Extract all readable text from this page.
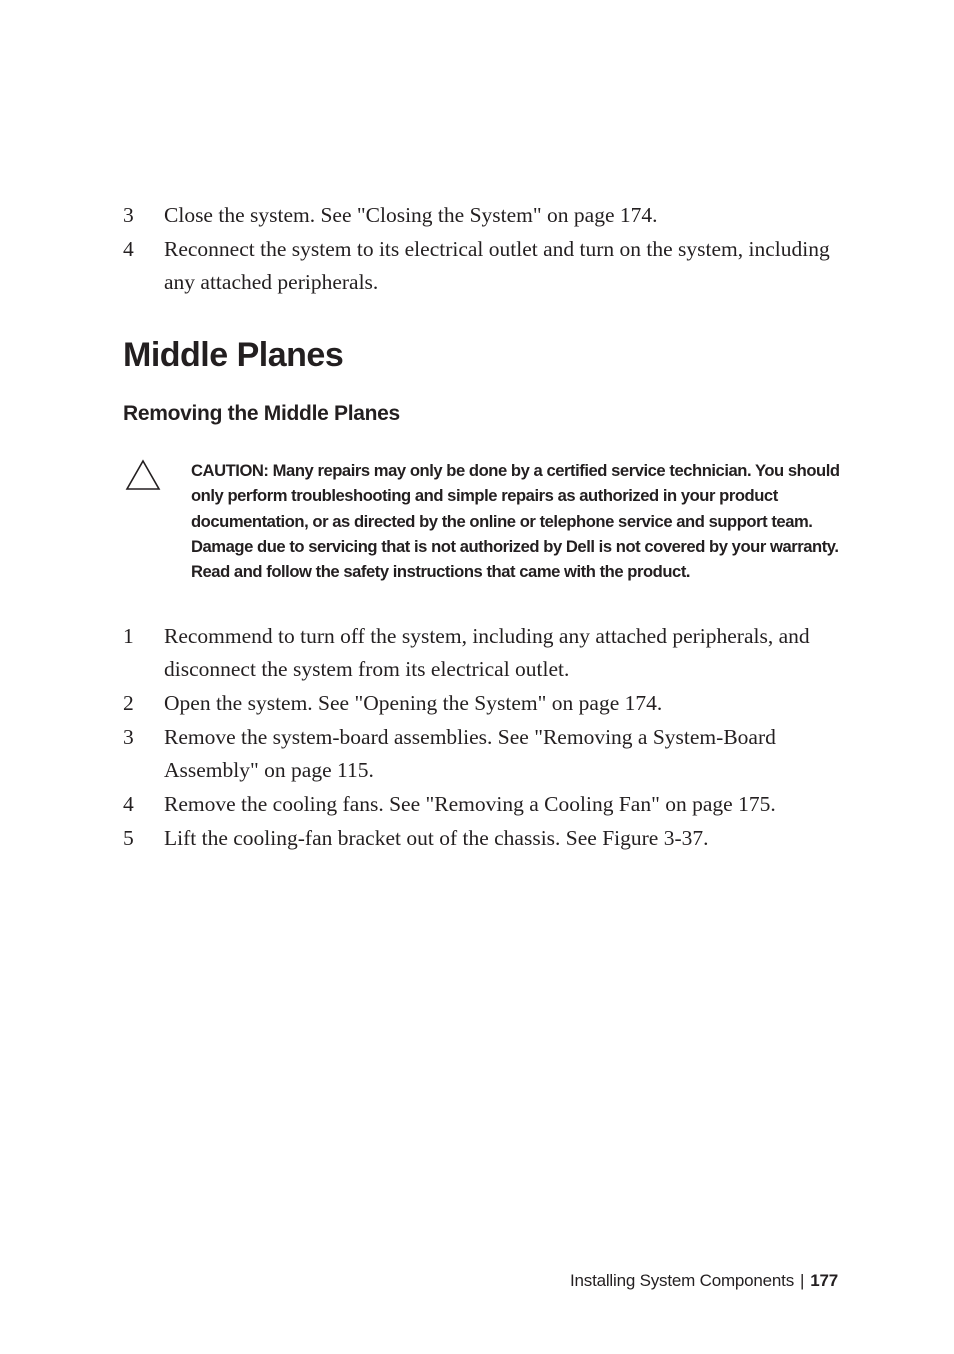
3 Close the system. See "Closing the System" on page 174.
4 Reconnect the system to its electrical outlet and turn on the system, including any attached peripherals.
Middle Planes
Removing the Middle Planes
CAUTION: Many repairs may only be done by a certified service technician. You should only perform troubleshooting and simple repairs as authorized in your product documentation, or as directed by the online or telephone service and support team. Damage due to servicing that is not authorized by Dell is not covered by your warranty. Read and follow the safety instructions that came with the product.
1 Recommend to turn off the system, including any attached peripherals, and disconnect the system from its electrical outlet.
2 Open the system. See "Opening the System" on page 174.
3 Remove the system-board assemblies. See "Removing a System-Board Assembly" on page 115.
4 Remove the cooling fans. See "Removing a Cooling Fan" on page 175.
5 Lift the cooling-fan bracket out of the chassis. See Figure 3-37.
Installing System Components | 177
